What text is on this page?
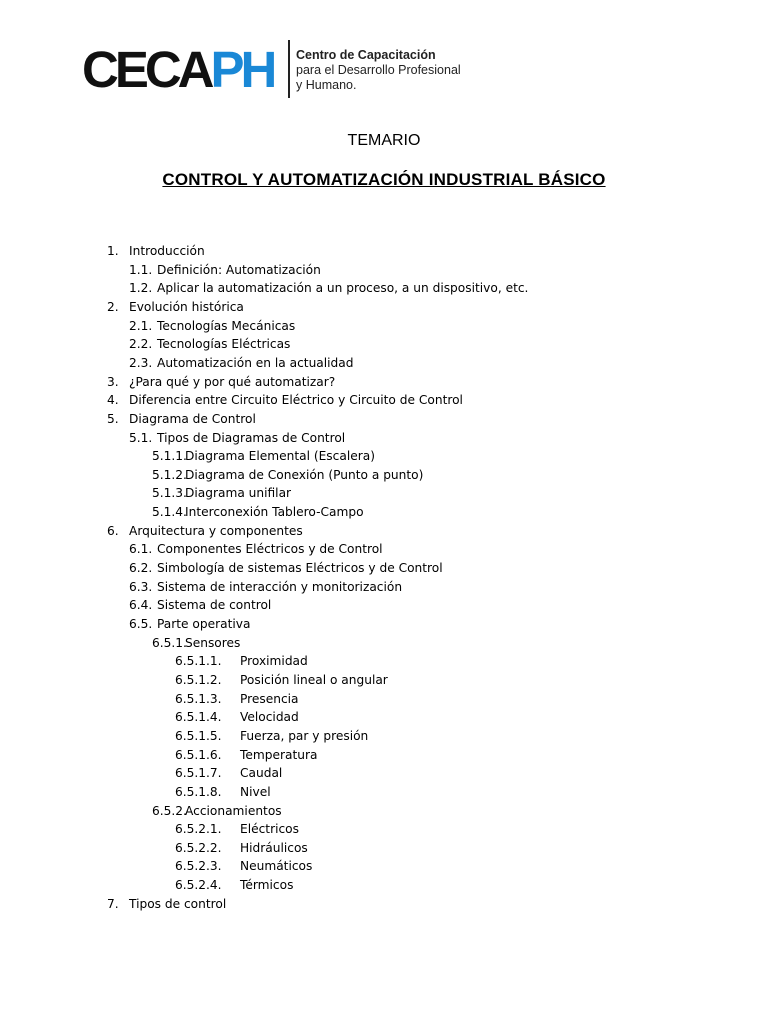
CECAPH Centro de Capacitación
para el Desarrollo Profesional
y Humano.
TEMARIO
CONTROL Y AUTOMATIZACIÓN INDUSTRIAL BÁSICO
1. Introducción
1.1. Definición: Automatización
1.2. Aplicar la automatización a un proceso, a un dispositivo, etc.
2. Evolución histórica
2.1. Tecnologías Mecánicas
2.2. Tecnologías Eléctricas
2.3. Automatización en la actualidad
3. ¿Para qué y por qué automatizar?
4. Diferencia entre Circuito Eléctrico y Circuito de Control
5. Diagrama de Control
5.1. Tipos de Diagramas de Control
5.1.1.
Diagrama Elemental (Escalera)
5.1.2.
Diagrama de Conexión (Punto a punto)
5.1.3.
Diagrama unifilar
5.1.4.
Interconexión Tablero-Campo
6. Arquitectura y componentes
6.1. Componentes Eléctricos y de Control
6.2. Simbología de sistemas Eléctricos y de Control
6.3. Sistema de interacción y monitorización
6.4. Sistema de control
6.5. Parte operativa
6.5.1.
Sensores
6.5.1.1. Proximidad
6.5.1.2. Posición lineal o angular
6.5.1.3. Presencia
6.5.1.4. Velocidad
6.5.1.5. Fuerza, par y presión
6.5.1.6. Temperatura
6.5.1.7. Caudal
6.5.1.8. Nivel
6.5.2.
Accionamientos
6.5.2.1. Eléctricos
6.5.2.2. Hidráulicos
6.5.2.3. Neumáticos
6.5.2.4. Térmicos
7. Tipos de control
